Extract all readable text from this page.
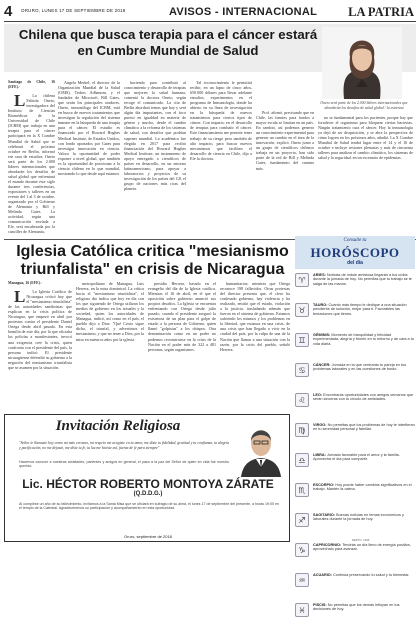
4 ORURO, LUNES 17 DE SEPTIEMBRE DE 2018	AVISOS - INTERNACIONAL LA PATRIA
Chilena que busca terapia para el cáncer estará en Cumbre Mundial de Salud
Oneto será parte de los 2.000 líderes internacionales que abordarán los desafíos de salud global / la estrenoa
Santiago de Chile, 16 (EFE).-

L La chilena Fabiola Oneto, investigadora del Instituto de Ciencias Biomédicas de la Universidad de Chile (ICBM) que trabaja en una terapia para el cáncer participará en la X Cumbre Mundial de Salud que se celebrará el próximo octubre en Berlín, informó ese casa de estudios. Oneto será parte de los 2.000 líderes internacionales que abordarán los desafíos de salud global que enfrentará el mundo durante este siglo durante tres conferencias, expositores y talleres en un evento del 1 al 3 de octubre, organizado por el Gobierno de Alemania y Bill y Melinda Gates. La actividad, según una comunicación enviada a Efe, será encabezada por la canciller de Alemania,

Angela Merkel; el director de la Organización Mundial de la Salud (OMS), Tedros Adhanom, y el fundador de Microsoft, Bill Gates, que serán los principales oradores. Oneto, inmunóloga del ICBM, está en busca de nuevos tratamientos que investigan la regulación del sistema inmune en la búsqueda de una terapia para el cáncer. El estudio es financiado por el Howard Hughes Medical Institute, de Estados Unidos, con fondo aportados por Gates para investigar innovación en ciencia. Valoro la oportunidad de poder exponer a nivel global, que también es la oportunidad de posicionar a la ciencia chilena en lo que mundial, mostrando lo que desde aquí estamos

haciendo para contribuir al conocimiento y desarrollo de terapias que mejoren la salud humana, comentó la doctora Oneto, según recoge el comunicado. La cita de Berlín abordará temas que hay y será algún día importantes, con el foco puesto en igualdad en materia de género y mucho, desde el cambio climático a la reforma de los sistemas de salud, con desafíos que podrían suponer mundial. La académica fue elegida en 2017 para recibir financiación del Howard Hughes Medical Institute, un instrumento de apoyo entregado a científicos de países en desarrollo, en un entorno latinoamericano, para apoyar a laboratorios y proyectos de su investigación de los países del G8, el grupo de naciones más ricas del planeta.

Tal reconocimiento le permitirá recibir, en un lapso de cinco años, 650.000 dólares para llevar adelante estudios, experimentos en el programa de Inmunología, donde ha abierto en su línea de investigación en la búsqueda de nuevos tratamientos para ciertos tipos de cáncer. Con impacto en el desarrollo de terapias para combatir el cáncer. Este financiamiento me permite tener trabajo de su riesgo pero también de alto impacto, para buscar nuevos mecanismos que faciliten el desarrollo de ciencia en Chile, dijo a Efe la doctora.

Prof. afirmó, precisando que en Chile, las fuentes para fondos a mayor escala se limitan en un país. En cambio, así podemos generar un conocimiento experimental para generar un cambio en el área de la innovación, explicó. Oneto junto a un grupo de científicos chilenos trabaja en un proyecto, han sido parte de la red de Bill y Melinda Gates, fundamento del camino más.

no se fundamental para los pacientes, porque hay que fortalecer el organismo para bloquear ciertas bacterias. Ningún tratamiento cura el cáncer. Hoy la inmunología ya dejó de ser disquisición, y se abre la perspectiva de cómo logren en los próximos años, añadió. La X Cumbre Mundial de Salud tendrá lugar entre el 14 y el 16 de octubre e incluye sesiones plenarias y más de cincuenta talleres para analizar el cambio climático, los sistemas de salud y la seguridad. en un escenario de epidemias.

Iglesia Católica critica "mesianismo triunfalista" en crisis de Nicaragua
Managua, 16 (EFE).-

L La Iglesia Católica de Nicaragua criticó hoy que el "mesianismo triunfalista" de las autoridades sandinistas que explican en la crisis política de Nicaragua, que empezó en abril por protestas contra el presidente Daniel Ortega desde abril pasado. En esta homilía de este día, por la que oficiaba los policías a manifestantes, invocó una exigencia cree la crisis, quien confronta con el presidente del país, la persona indicó. El presidente nicaragüense defendió su gobierno a la negación del mesianismo triunfalista que se asumen por la situación.

metropolitano de Managua, Luis Herrera, en la misa dominical. La crítica hacia el "mesianismo triunfalista", el religioso dio indica que hoy en día con los que siguiendo de Ortega utilizan los medios de gobierno en los actuales y la sociedad, quien los autoridades de Managua, indicó, así como en el país, el pueblo dijo a Dios: "Qué Cristo sigue dicho, el triunfal, y advertimos el mesianismo, y que no tener a Dios, por la misa en nuestros años por la iglesia.

presidio Herrera, basado en el evangelio del día de la Iglesia católica. Mientras el 16 de abril, en el que el oposición sobre gobierno anunció sus propios desafíos. La Iglesia se encuentra enfrentando con Ortega desde julio pasado, cuando el presidente aseguró la existencia de un plan para el golpe de estado a la persona de Gobierno, quien llamó "golpistas" a los obispos. Otra denominación como en un poder no podemos reconstruirse en la crisis de la Nación en el poder más de 322 a 481 personas, según organismos.

humanitarios; mientras que Ortega reconoce 198 fallecidos. Otras protestas del director presenta que, el clero ha confesado gobierno, hay violencia y ha realizado, emitió que el estado, violación a la justicia, trasladando además que fueron en el sistema de gobierno. Estamos sufriendo los mismos y los problemas en la libertad, que estamos en una crisis, de una crisis que han llegado a vivir en la ciudad del país, por la culpa de una de la Nación que llamar a una situación con la razón, por la crisis del pueblo, señaló Herrera.

Consulte tu
HORÓSCOPO
del día
♈
ARIES: Noticias de índole amistosa llegarán a tus oídos durante la jornada de hoy. No permitas que tu trabajo se te salga de las manos.
♉
TAURO: Cuanto más tiempo le dedique a una situación pendiente de solución, mejor para ti. Favorables las tentaciones que tienes.
♊
GÉMINIS: Momento de tranquilidad y felicidad experimentada, alegría y triunfo en tu entorno y de cara a tu vida diaria.
♋
CÁNCER: Jornada en la que centrarás tu pareja en tus problemas laborales y en las cuestiones de fondo.
♌
LEO: Encontrarás oportunidades con amigos cercanos que serán sinceras con tu círculo de amistades.
♍
VIRGO: No permitas que los problemas de hoy te interfieran en tu serenidad personal y familiar.
♎
LIBRA: Jornada favorable para el amor y la familia. Aprovecha el día para compartir.
♏
ESCORPIO: Hoy puede haber cambios significativos en el trabajo. Mantén la calma.
♐
SAGITARIO: Buenas noticias en temas económicos y laborales durante la jornada de hoy.
♑
CAPRICORNIO: Tendrás un día lleno de energía positiva, aprovéchalo para avanzar.
♒
ACUARIO: Continúa preservando tu salud y tu bienestar.
♓
PISCIS: No permitas que los demás influyan en tus decisiones de hoy.
Invitación Religiosa
"Señor te llamaste hoy como mi más cercano, mi respeto me acogiste en tu amor, me diste tu fidelidad, gratitud y tu confianza, tu alegría y pacificación, no me dejaste, me diste tu fe, tu luz me hiciste así, fuerza de fe para siempre"
Hacemos conocer a nuestras amistades, parientes y amigos en general, el paso a la paz del Señor de quien en vida fue nuestro querido:
Lic. HÉCTOR ROBERTO MONTOYA ZÁRATE
(Q.D.D.G.)
Al cumplirse un año de su fallecimiento, invitamos a la Santa Misa que se oficiará en sufragio de su alma, el lunes 17 de septiembre del presente, a horas 19:00 en el templo de la Catedral. Agradeceremos su participación y acompañamiento en esta oportunidad.
Oruro, septiembre de 2018
DEPTO. 1066
